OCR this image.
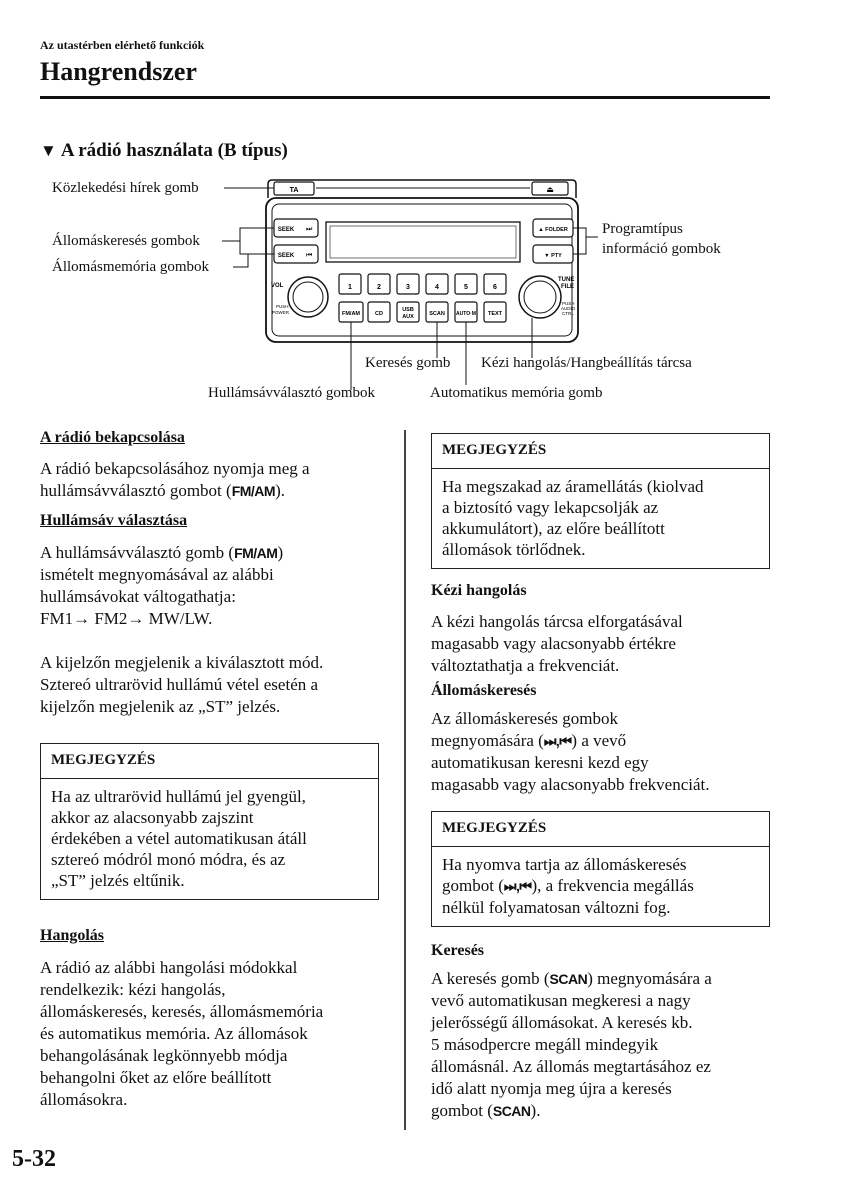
Az utastérben elérhető funkciók
Hangrendszer
▼ A rádió használata (B típus)
TA	⏏
SEEK ⏭
SEEK ⏮
▲ FOLDER
▼ PTY
VOL
PUSH
POWER
TUNE
FILE
PUSH
AUDIO
CTRL
1	2	3	4	5	6
FM/AM	CD
USB
AUX	SCAN AUTO·M TEXT
Közlekedési hírek gomb
Állomáskeresés gombok
Állomásmemória gombok
Programtípus
információ gombok
Keresés gomb Kézi hangolás/Hangbeállítás tárcsa
Hullámsávválasztó gombok	Automatikus memória gomb

A rádió bekapcsolása

A rádió bekapcsolásához nyomja meg a

hullámsávválasztó gombot (FM/AM).

Hullámsáv választása

A hullámsávválasztó gomb (FM/AM)

ismételt megnyomásával az alábbi

hullámsávokat váltogathatja:

FM1→ FM2→ MW/LW.

A kijelzőn megjelenik a kiválasztott mód.

Sztereó ultrarövid hullámú vétel esetén a

kijelzőn megjelenik az „ST” jelzés.

MEGJEGYZÉS
Ha az ultrarövid hullámú jel gyengül,
akkor az alacsonyabb zajszint
érdekében a vétel automatikusan átáll
sztereó módról monó módra, és az
„ST” jelzés eltűnik.

Hangolás

A rádió az alábbi hangolási módokkal

rendelkezik: kézi hangolás,

állomáskeresés, keresés, állomásmemória

és automatikus memória. Az állomások

behangolásának legkönnyebb módja

behangolni őket az előre beállított

állomásokra.

MEGJEGYZÉS
Ha megszakad az áramellátás (kiolvad
a biztosító vagy lekapcsolják az
akkumulátort), az előre beállított
állomások törlődnek.

Kézi hangolás

A kézi hangolás tárcsa elforgatásával

magasabb vagy alacsonyabb értékre

változtathatja a frekvenciát.

Állomáskeresés

Az állomáskeresés gombok

megnyomására (⏭,⏮) a vevő

automatikusan keresni kezd egy

magasabb vagy alacsonyabb frekvenciát.

MEGJEGYZÉS
Ha nyomva tartja az állomáskeresés
gombot (⏭,⏮), a frekvencia megállás
nélkül folyamatosan változni fog.

Keresés

A keresés gomb (SCAN) megnyomására a

vevő automatikusan megkeresi a nagy

jelerősségű állomásokat. A keresés kb.

5 másodpercre megáll mindegyik

állomásnál. Az állomás megtartásához ez

idő alatt nyomja meg újra a keresés

gombot (SCAN).

5-32
